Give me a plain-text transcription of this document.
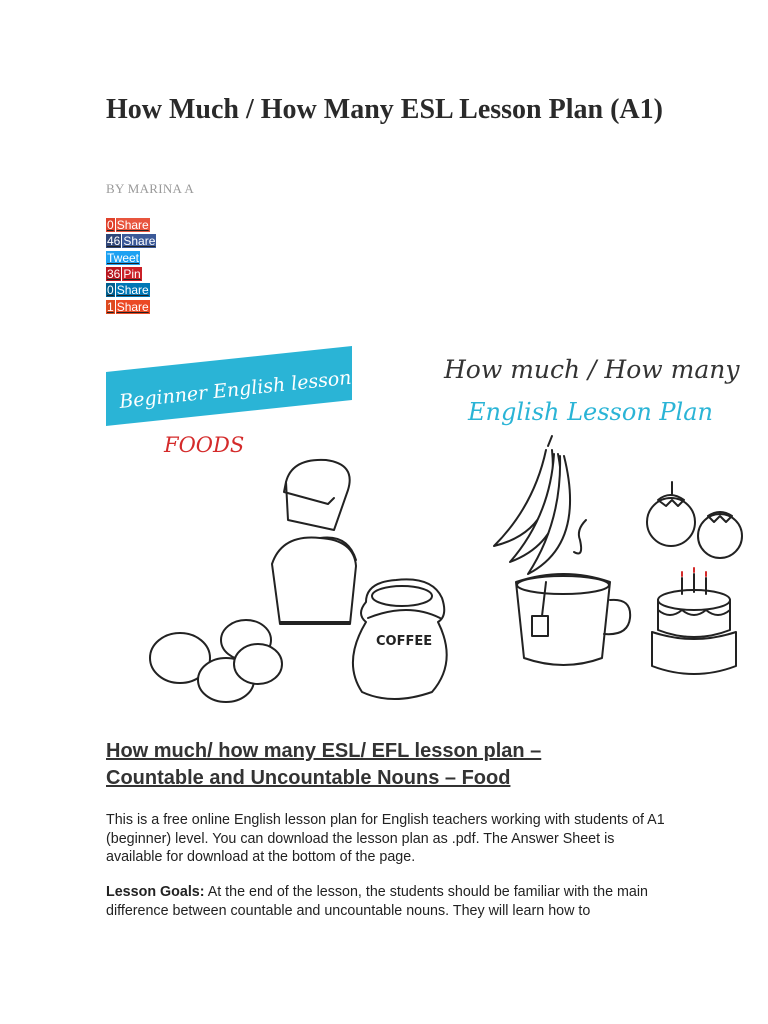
How Much / How Many ESL Lesson Plan (A1)

BY MARINA A

0 Share
46 Share
Tweet
36 Pin
0 Share
1 Share
Beginner English lesson
FOODS
How much / How many
English Lesson Plan
COFFEE
How much/ how many ESL/ EFL lesson plan – Countable and Uncountable Nouns – Food

This is a free online English lesson plan for English teachers working with students of A1 (beginner) level. You can download the lesson plan as .pdf. The Answer Sheet is available for download at the bottom of the page.

Lesson Goals: At the end of the lesson, the students should be familiar with the main difference between countable and uncountable nouns. They will learn how to
